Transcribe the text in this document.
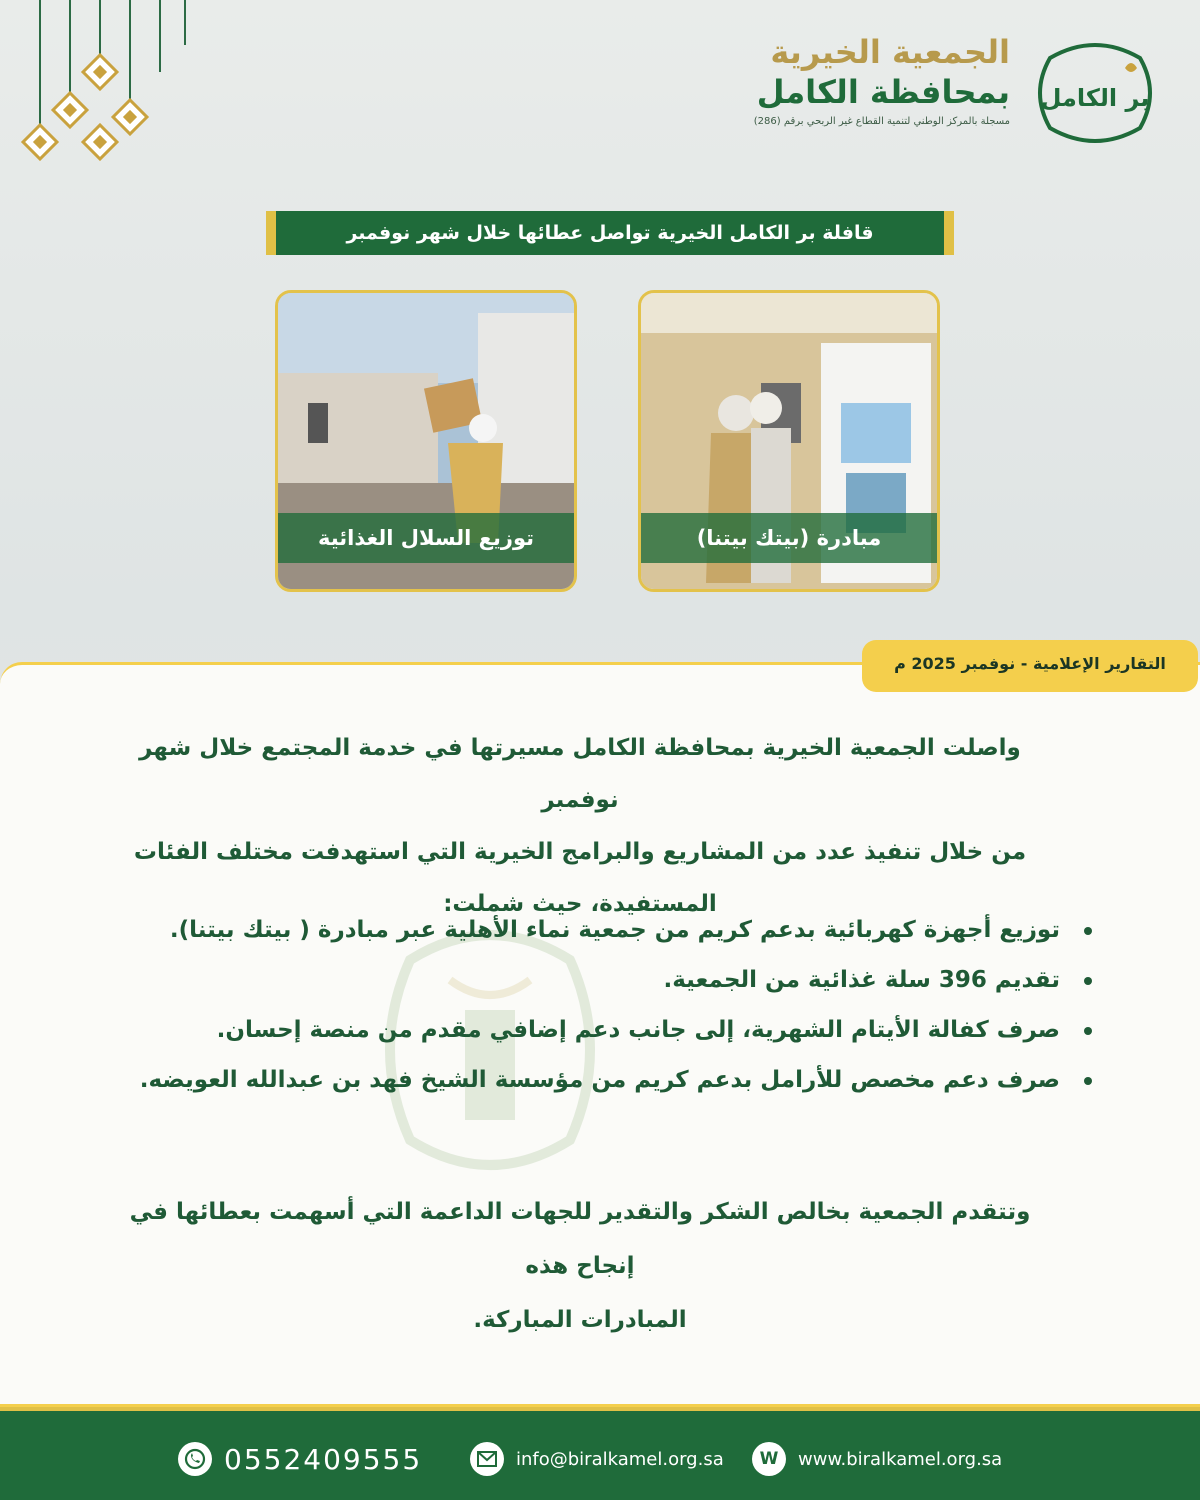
بر الكامل
الجمعية الخيرية
بمحافظة الكامل
مسجلة بالمركز الوطني لتنمية القطاع غير الربحي برقم (286)
قافلة بر الكامل الخيرية تواصل عطائها خلال شهر نوفمبر
مبادرة (بيتك بيتنا)
توزيع السلال الغذائية
التقارير الإعلامية - نوفمبر 2025 م
واصلت الجمعية الخيرية بمحافظة الكامل مسيرتها في خدمة المجتمع خلال شهر نوفمبر
من خلال تنفيذ عدد من المشاريع والبرامج الخيرية التي استهدفت مختلف الفئات
المستفيدة، حيث شملت:
توزيع أجهزة كهربائية بدعم كريم من جمعية نماء الأهلية عبر مبادرة ( بيتك بيتنا).
تقديم 396 سلة غذائية من الجمعية.
صرف كفالة الأيتام الشهرية، إلى جانب دعم إضافي مقدم من منصة إحسان.
صرف دعم مخصص للأرامل بدعم كريم من مؤسسة الشيخ فهد بن عبدالله العويضه.
وتتقدم الجمعية بخالص الشكر والتقدير للجهات الداعمة التي أسهمت بعطائها في إنجاح هذه
المبادرات المباركة.
0552409555	info@biralkamel.org.sa	W	www.biralkamel.org.sa
